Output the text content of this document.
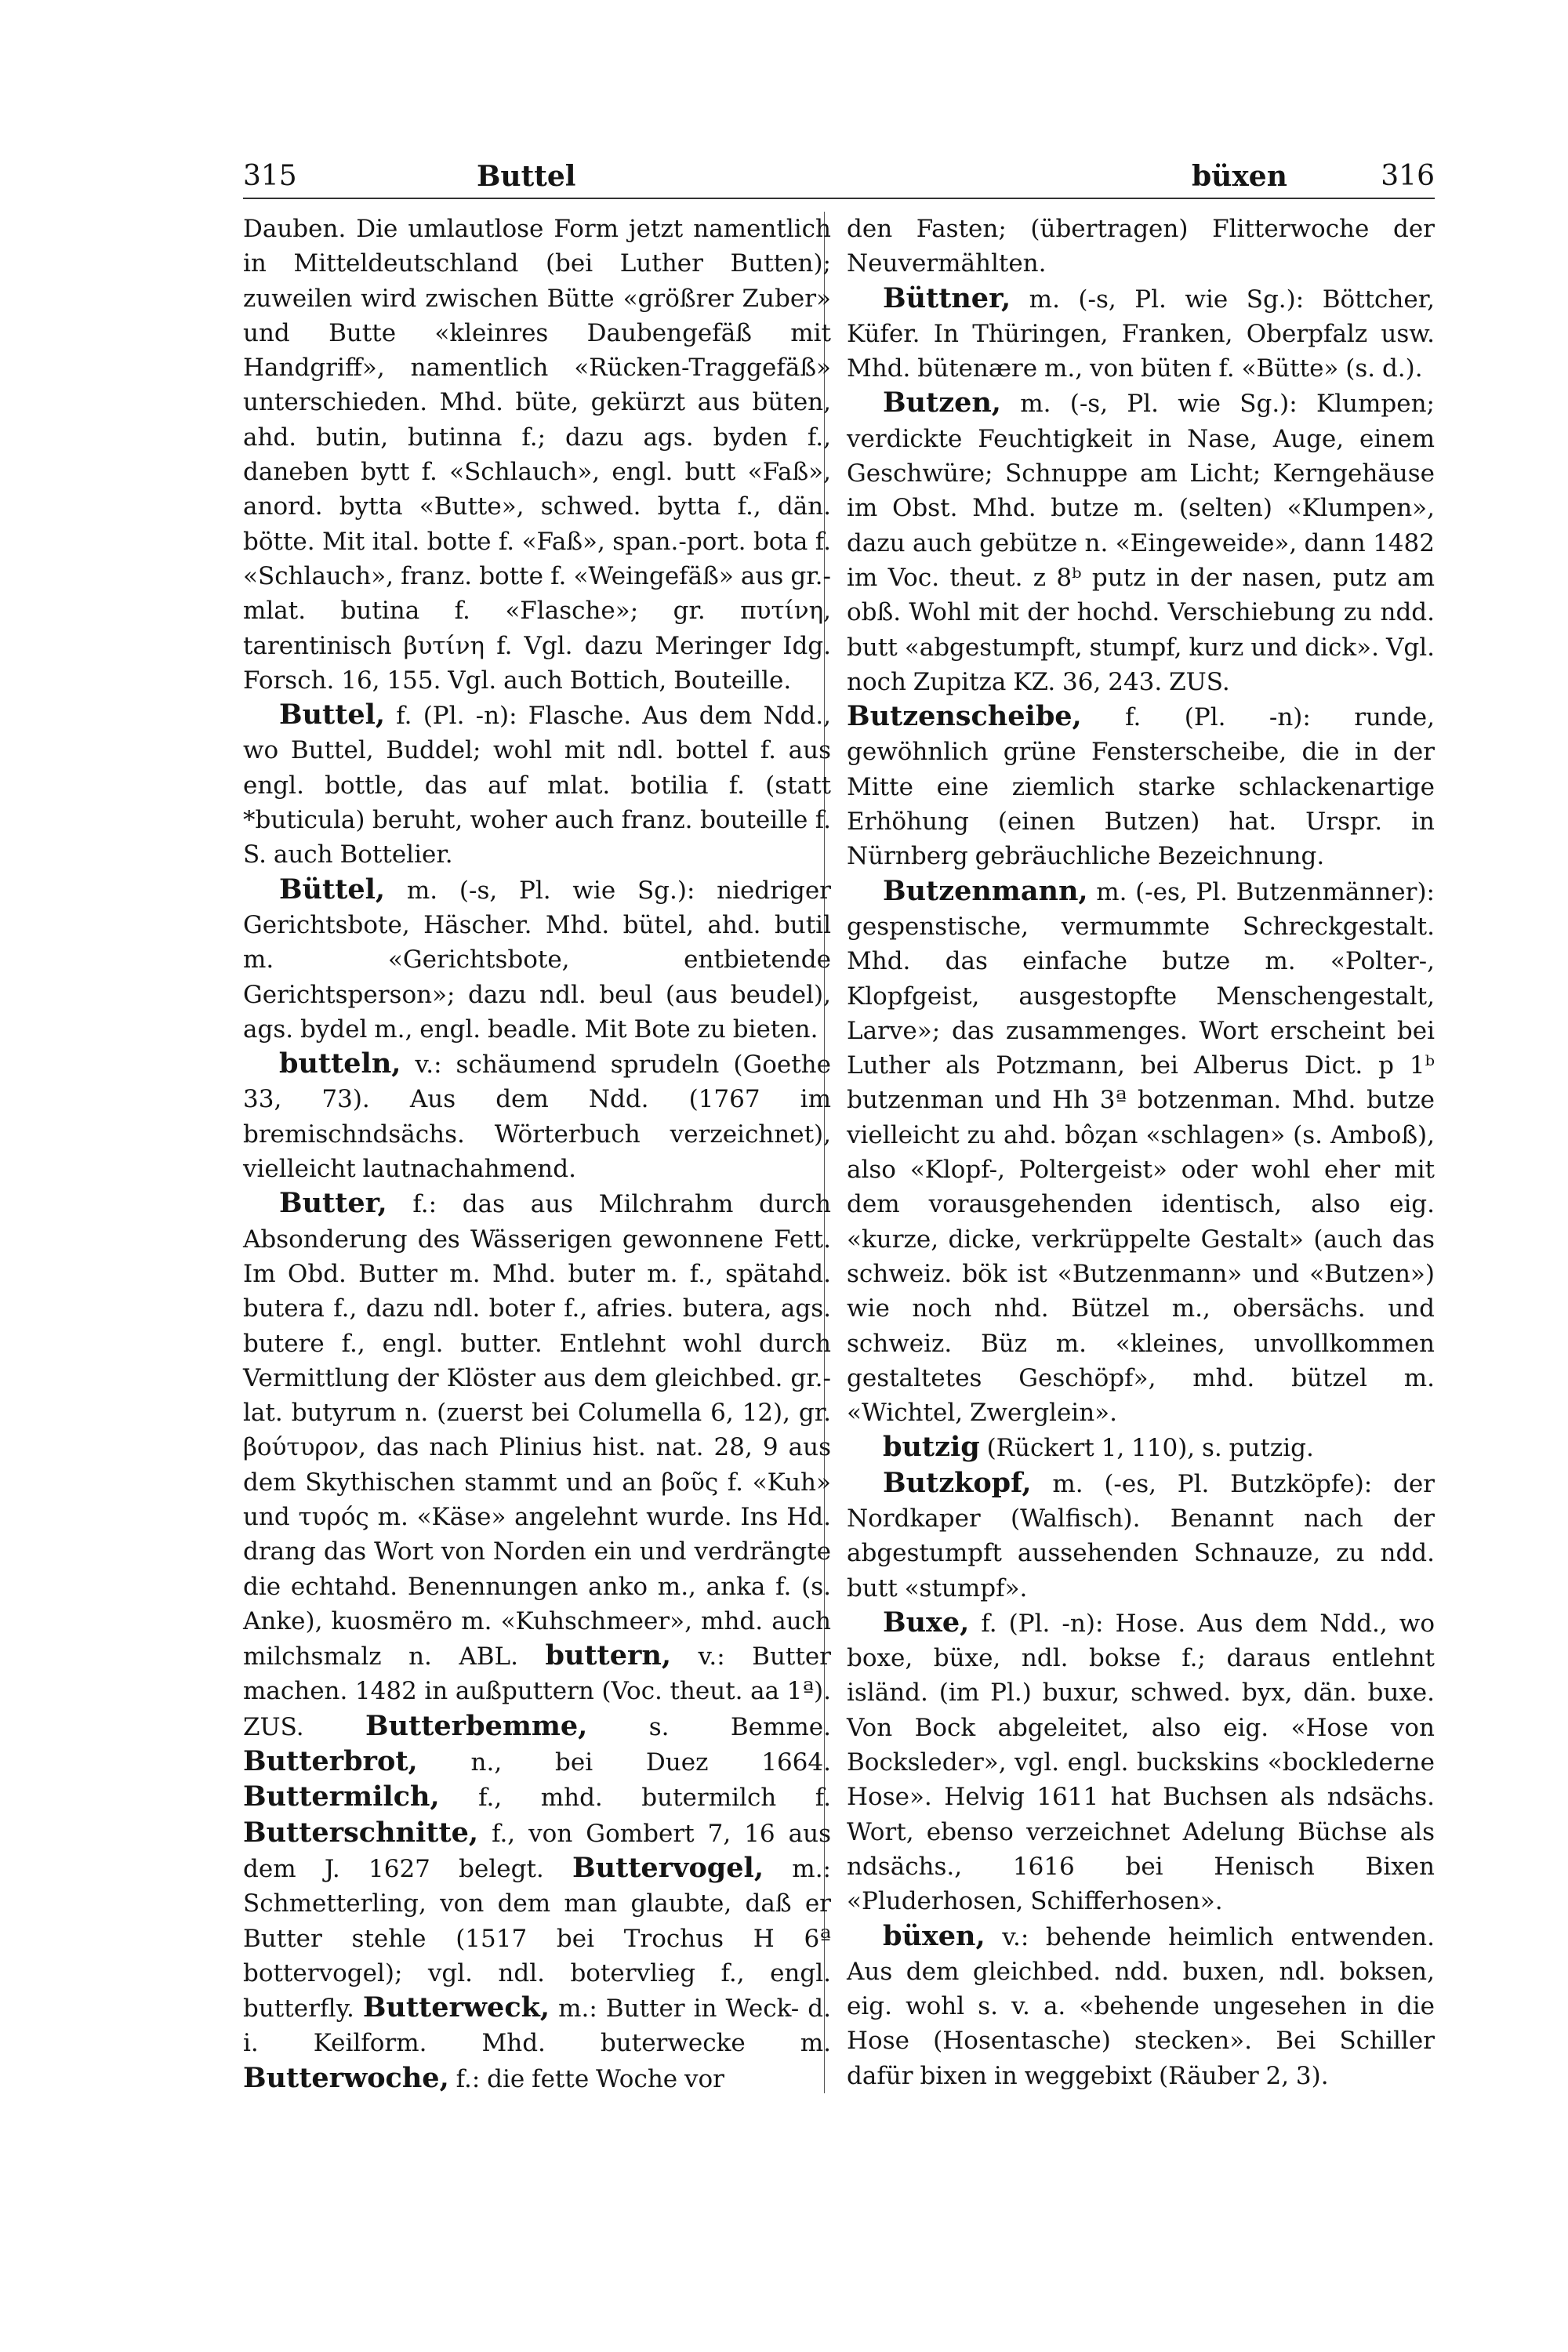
315	Buttel	büxen	316

Dauben. Die umlautlose Form jetzt namentlich in Mitteldeutschland (bei Luther Butten); zuweilen wird zwischen Bütte «größrer Zuber» und Butte «kleinres Daubengefäß mit Handgriff», namentlich «Rücken-Traggefäß» unterschieden. Mhd. büte, gekürzt aus büten, ahd. butin, butinna f.; dazu ags. byden f., daneben bytt f. «Schlauch», engl. butt «Faß», anord. bytta «Butte», schwed. bytta f., dän. bötte. Mit ital. botte f. «Faß», span.-port. bota f. «Schlauch», franz. botte f. «Weingefäß» aus gr.-mlat. butina f. «Flasche»; gr. πυτίνη, tarentinisch βυτίνη f. Vgl. dazu Meringer Idg. Forsch. 16, 155. Vgl. auch Bottich, Bouteille.

Buttel, f. (Pl. -n): Flasche. Aus dem Ndd., wo Buttel, Buddel; wohl mit ndl. bottel f. aus engl. bottle, das auf mlat. botilia f. (statt *buticula) beruht, woher auch franz. bouteille f. S. auch Bottelier.

Büttel, m. (-s, Pl. wie Sg.): niedriger Gerichtsbote, Häscher. Mhd. bütel, ahd. butil m. «Gerichtsbote, entbietende Gerichtsperson»; dazu ndl. beul (aus beudel), ags. bydel m., engl. beadle. Mit Bote zu bieten.

butteln, v.: schäumend sprudeln (Goethe 33, 73). Aus dem Ndd. (1767 im bremischndsächs. Wörterbuch verzeichnet), vielleicht lautnachahmend.

Butter, f.: das aus Milchrahm durch Absonderung des Wässerigen gewonnene Fett. Im Obd. Butter m. Mhd. buter m. f., spätahd. butera f., dazu ndl. boter f., afries. butera, ags. butere f., engl. butter. Entlehnt wohl durch Vermittlung der Klöster aus dem gleichbed. gr.-lat. butyrum n. (zuerst bei Columella 6, 12), gr. βούτυρον, das nach Plinius hist. nat. 28, 9 aus dem Skythischen stammt und an βοῦς f. «Kuh» und τυρός m. «Käse» angelehnt wurde. Ins Hd. drang das Wort von Norden ein und verdrängte die echtahd. Benennungen anko m., anka f. (s. Anke), kuosmëro m. «Kuhschmeer», mhd. auch milchsmalz n. ABL. buttern, v.: Butter machen. 1482 in außputtern (Voc. theut. aa 1ª). ZUS. Butterbemme, s. Bemme. Butterbrot, n., bei Duez 1664. Buttermilch, f., mhd. butermilch f. Butterschnitte, f., von Gombert 7, 16 aus dem J. 1627 belegt. Buttervogel, m.: Schmetterling, von dem man glaubte, daß er Butter stehle (1517 bei Trochus H 6ª bottervogel); vgl. ndl. botervlieg f., engl. butterfly. Butterweck, m.: Butter in Weck- d. i. Keilform. Mhd. buterwecke m. Butterwoche, f.: die fette Woche vor

den Fasten; (übertragen) Flitterwoche der Neuvermählten.

Büttner, m. (-s, Pl. wie Sg.): Böttcher, Küfer. In Thüringen, Franken, Oberpfalz usw. Mhd. bütenære m., von büten f. «Bütte» (s. d.).

Butzen, m. (-s, Pl. wie Sg.): Klumpen; verdickte Feuchtigkeit in Nase, Auge, einem Geschwüre; Schnuppe am Licht; Kerngehäuse im Obst. Mhd. butze m. (selten) «Klumpen», dazu auch gebütze n. «Eingeweide», dann 1482 im Voc. theut. z 8ᵇ putz in der nasen, putz am obß. Wohl mit der hochd. Verschiebung zu ndd. butt «abgestumpft, stumpf, kurz und dick». Vgl. noch Zupitza KZ. 36, 243. ZUS.

Butzenscheibe, f. (Pl. -n): runde, gewöhnlich grüne Fensterscheibe, die in der Mitte eine ziemlich starke schlackenartige Erhöhung (einen Butzen) hat. Urspr. in Nürnberg gebräuchliche Bezeichnung.

Butzenmann, m. (-es, Pl. Butzenmänner): gespenstische, vermummte Schreckgestalt. Mhd. das einfache butze m. «Polter-, Klopfgeist, ausgestopfte Menschengestalt, Larve»; das zusammenges. Wort erscheint bei Luther als Potzmann, bei Alberus Dict. p 1ᵇ butzenman und Hh 3ª botzenman. Mhd. butze vielleicht zu ahd. bôȥan «schlagen» (s. Amboß), also «Klopf-, Poltergeist» oder wohl eher mit dem vorausgehenden identisch, also eig. «kurze, dicke, verkrüppelte Gestalt» (auch das schweiz. bök ist «Butzenmann» und «Butzen») wie noch nhd. Bützel m., obersächs. und schweiz. Büz m. «kleines, unvollkommen gestaltetes Geschöpf», mhd. bützel m. «Wichtel, Zwerglein».

butzig (Rückert 1, 110), s. putzig.

Butzkopf, m. (-es, Pl. Butzköpfe): der Nordkaper (Walfisch). Benannt nach der abgestumpft aussehenden Schnauze, zu ndd. butt «stumpf».

Buxe, f. (Pl. -n): Hose. Aus dem Ndd., wo boxe, büxe, ndl. bokse f.; daraus entlehnt isländ. (im Pl.) buxur, schwed. byx, dän. buxe. Von Bock abgeleitet, also eig. «Hose von Bocksleder», vgl. engl. buckskins «bocklederne Hose». Helvig 1611 hat Buchsen als ndsächs. Wort, ebenso verzeichnet Adelung Büchse als ndsächs., 1616 bei Henisch Bixen «Pluderhosen, Schifferhosen».

büxen, v.: behende heimlich entwenden. Aus dem gleichbed. ndd. buxen, ndl. boksen, eig. wohl s. v. a. «behende ungesehen in die Hose (Hosentasche) stecken». Bei Schiller dafür bixen in weggebixt (Räuber 2, 3).
